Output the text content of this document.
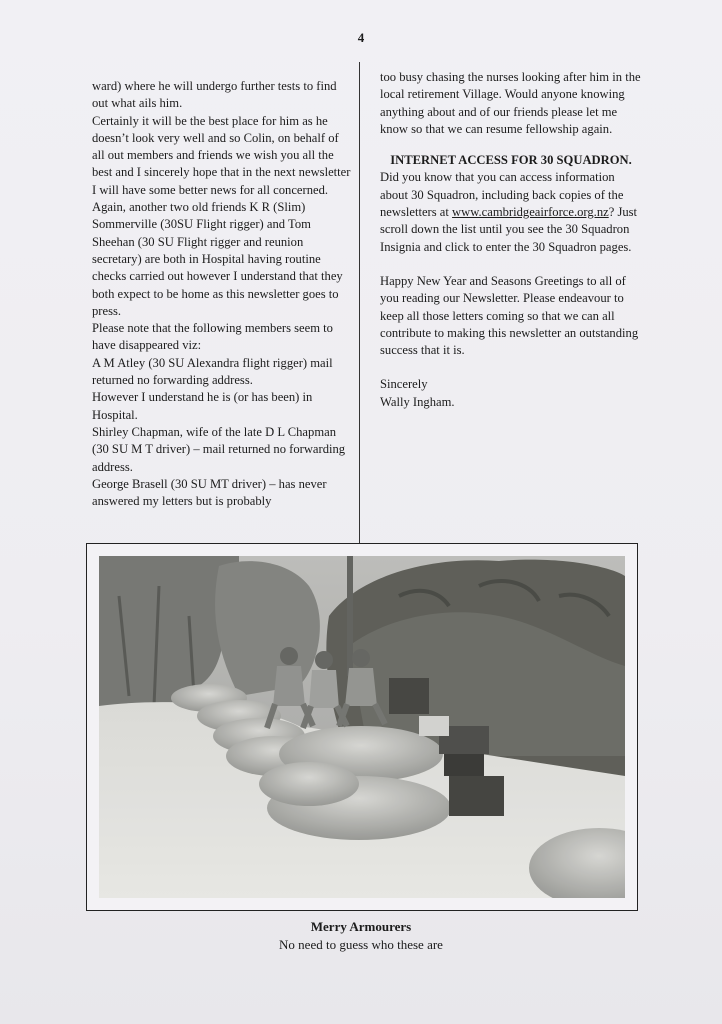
4

ward) where he will undergo further tests to find out what ails him.

Certainly it will be the best place for him as he doesn’t look very well and so Colin, on behalf of all out members and friends we wish you all the best and I sincerely hope that in the next newsletter I will have some better news for all concerned.

Again, another two old friends K R (Slim) Sommerville (30SU Flight rigger) and Tom Sheehan (30 SU Flight rigger and reunion secretary) are both in Hospital having routine checks carried out however I understand that they both expect to be home as this newsletter goes to press.

Please note that the following members seem to have disappeared viz:

A M Atley (30 SU Alexandra flight rigger) mail returned no forwarding address.

However I understand he is (or has been) in Hospital.

Shirley Chapman, wife of the late D L Chapman (30 SU M T driver) – mail returned no forwarding address.

George Brasell (30 SU MT driver) – has never answered my letters but is probably

too busy chasing the nurses looking after him in the local retirement Village. Would anyone knowing anything about and of our friends please let me know so that we can resume fellowship again.

INTERNET ACCESS FOR 30 SQUADRON.

Did you know that you can access information about 30 Squadron, including back copies of the newsletters at www.cambridgeairforce.org.nz? Just scroll down the list until you see the 30 Squadron Insignia and click to enter the 30 Squadron pages.

Happy New Year and Seasons Greetings to all of you reading our Newsletter. Please endeavour to keep all those letters coming so that we can all contribute to making this newsletter an outstanding success that it is.

Sincerely

Wally Ingham.

Merry Armourers
No need to guess who these are
